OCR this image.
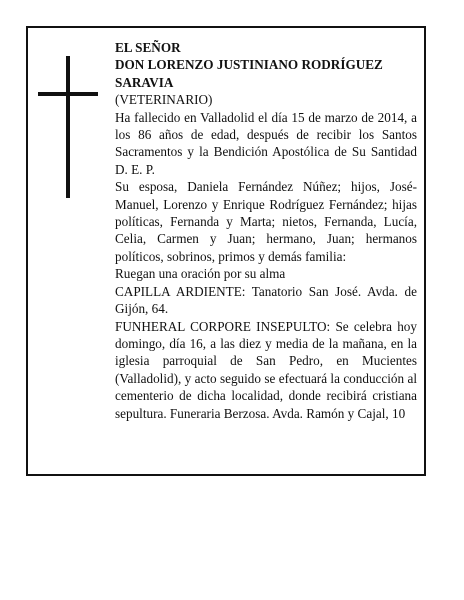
EL SEÑOR

DON LORENZO JUSTINIANO RODRÍGUEZ SARAVIA

(VETERINARIO)

Ha fallecido en Valladolid el día 15 de marzo de 2014, a los 86 años de edad, después de recibir los Santos Sacramentos y la Bendición Apostólica de Su Santidad D. E. P.

Su esposa, Daniela Fernández Núñez; hijos, José-Manuel, Lorenzo y Enrique Rodríguez Fernández; hijas políticas, Fernanda y Marta; nietos, Fernanda, Lucía, Celia, Carmen y Juan; hermano, Juan; hermanos políticos, sobrinos, primos y demás familia:

Ruegan una oración por su alma

CAPILLA ARDIENTE: Tanatorio San José. Avda. de Gijón, 64.

FUNHERAL CORPORE INSEPULTO: Se celebra hoy domingo, día 16, a las diez y media de la mañana, en la iglesia parroquial de San Pedro, en Mucientes (Valladolid), y acto seguido se efectuará la conducción al cementerio de dicha localidad, donde recibirá cristiana sepultura. Funeraria Berzosa. Avda. Ramón y Cajal, 10
